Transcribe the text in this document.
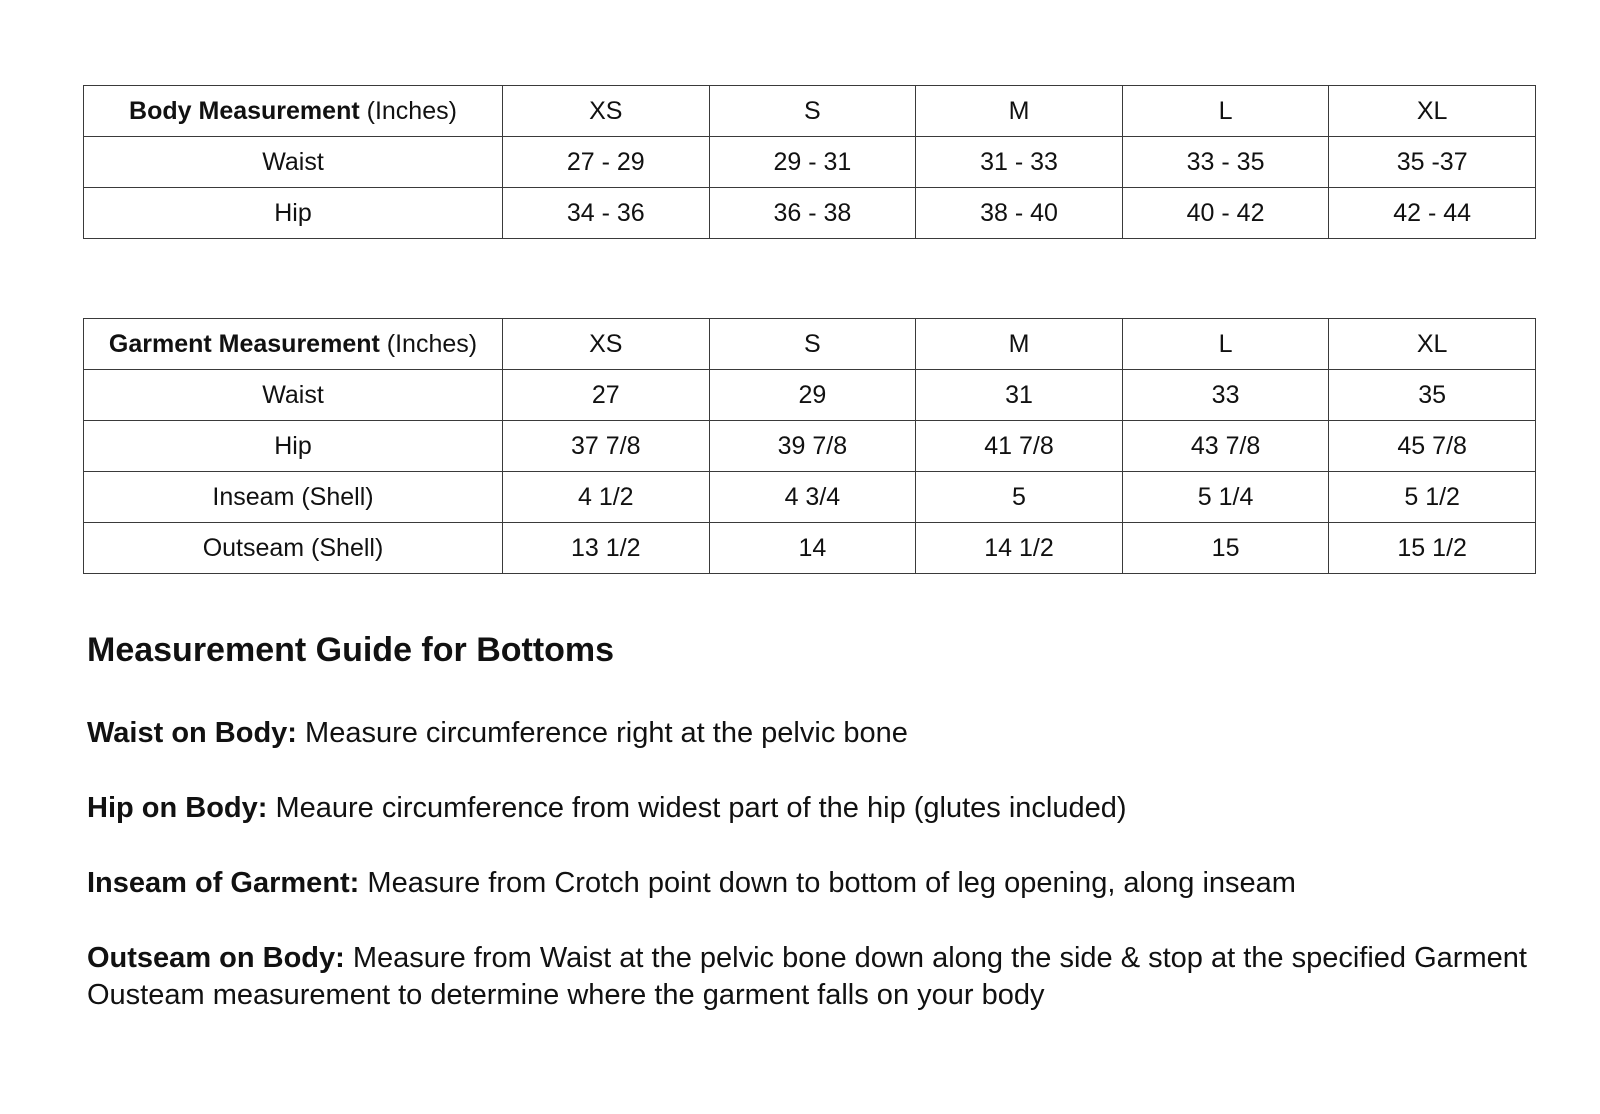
Body Measurement (Inches)	XS	S	M	L	XL
Waist	27 - 29	29 - 31	31 - 33	33 - 35	35 -37
Hip	34 - 36	36 - 38	38 - 40	40 - 42	42 - 44
Garment Measurement (Inches)	XS	S	M	L	XL
Waist	27	29	31	33	35
Hip	37 7/8	39 7/8	41 7/8	43 7/8	45 7/8
Inseam (Shell)	4 1/2	4 3/4	5	5 1/4	5 1/2
Outseam (Shell)	13 1/2	14	14 1/2	15	15 1/2
Measurement Guide for Bottoms

Waist on Body: Measure circumference right at the pelvic bone

Hip on Body: Meaure circumference from widest part of the hip (glutes included)

Inseam of Garment: Measure from Crotch point down to bottom of leg opening, along inseam

Outseam on Body: Measure from Waist at the pelvic bone down along the side & stop at the specified Garment Ousteam measurement to determine where the garment falls on your body
